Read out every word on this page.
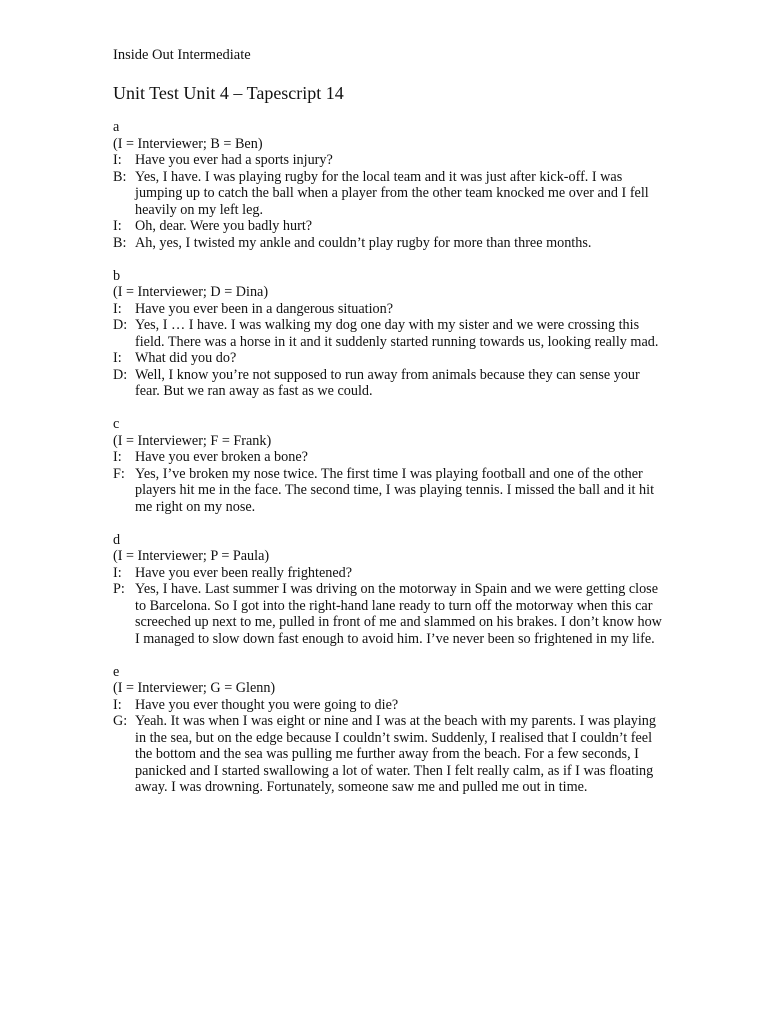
Inside Out Intermediate
Unit Test Unit 4 – Tapescript 14
a
(I = Interviewer; B = Ben)
I: Have you ever had a sports injury?
B: Yes, I have. I was playing rugby for the local team and it was just after kick-off. I was jumping up to catch the ball when a player from the other team knocked me over and I fell heavily on my left leg.
I: Oh, dear. Were you badly hurt?
B: Ah, yes, I twisted my ankle and couldn’t play rugby for more than three months.
b
(I = Interviewer; D = Dina)
I: Have you ever been in a dangerous situation?
D: Yes, I … I have. I was walking my dog one day with my sister and we were crossing this field. There was a horse in it and it suddenly started running towards us, looking really mad.
I: What did you do?
D: Well, I know you’re not supposed to run away from animals because they can sense your fear. But we ran away as fast as we could.
c
(I = Interviewer; F = Frank)
I: Have you ever broken a bone?
F: Yes, I’ve broken my nose twice. The first time I was playing football and one of the other players hit me in the face. The second time, I was playing tennis. I missed the ball and it hit me right on my nose.
d
(I = Interviewer; P = Paula)
I: Have you ever been really frightened?
P: Yes, I have. Last summer I was driving on the motorway in Spain and we were getting close to Barcelona. So I got into the right-hand lane ready to turn off the motorway when this car screeched up next to me, pulled in front of me and slammed on his brakes. I don’t know how I managed to slow down fast enough to avoid him. I’ve never been so frightened in my life.
e
(I = Interviewer; G = Glenn)
I: Have you ever thought you were going to die?
G: Yeah. It was when I was eight or nine and I was at the beach with my parents. I was playing in the sea, but on the edge because I couldn’t swim. Suddenly, I realised that I couldn’t feel the bottom and the sea was pulling me further away from the beach. For a few seconds, I panicked and I started swallowing a lot of water. Then I felt really calm, as if I was floating away. I was drowning. Fortunately, someone saw me and pulled me out in time.
